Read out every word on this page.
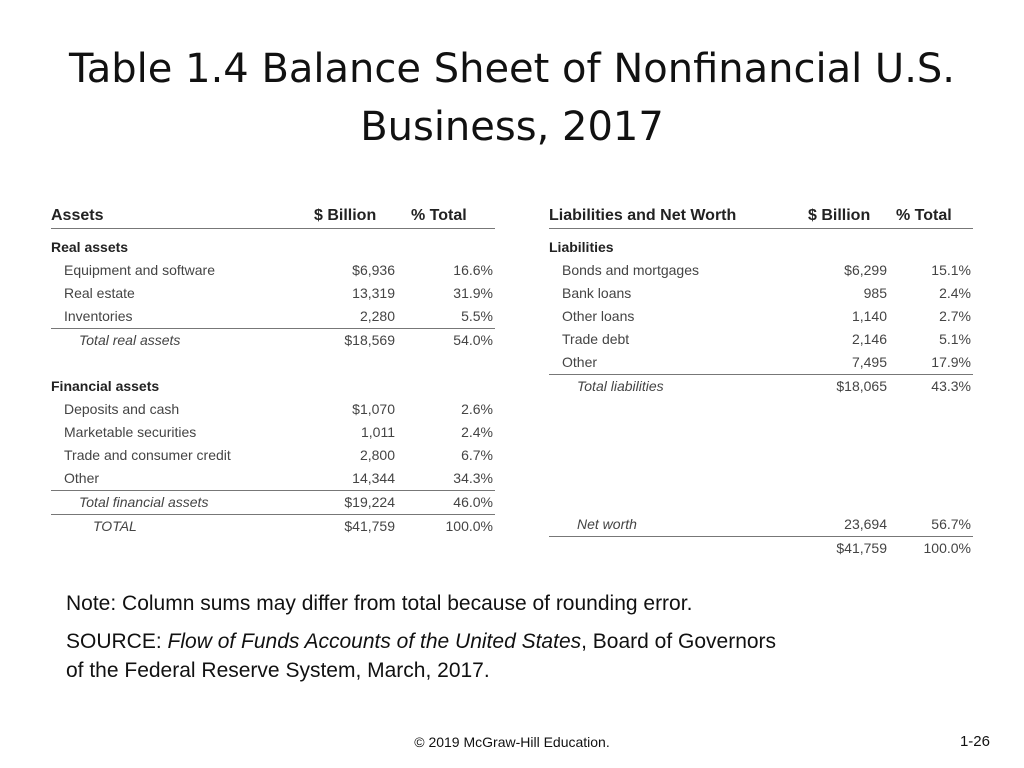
Table 1.4 Balance Sheet of Nonfinancial U.S.
Business, 2017
Assets	$ Billion % Total
Real assets
Equipment and software	$6,936	16.6%
Real estate	13,319	31.9%
Inventories	2,280	5.5%
Total real assets	$18,569	54.0%
Financial assets
Deposits and cash	$1,070	2.6%
Marketable securities	1,011	2.4%
Trade and consumer credit	2,800	6.7%
Other	14,344	34.3%
Total financial assets	$19,224	46.0%
TOTAL	$41,759	100.0%
Liabilities and Net Worth	$ Billion % Total
Liabilities
Bonds and mortgages	$6,299	15.1%
Bank loans	985	2.4%
Other loans	1,140	2.7%
Trade debt	2,146	5.1%
Other	7,495	17.9%
Total liabilities	$18,065	43.3%
Net worth	23,694	56.7%
$41,759	100.0%
Note: Column sums may differ from total because of rounding error.
SOURCE: Flow of Funds Accounts of the United States, Board of Governors
of the Federal Reserve System, March, 2017.
© 2019 McGraw-Hill Education.	1-26
